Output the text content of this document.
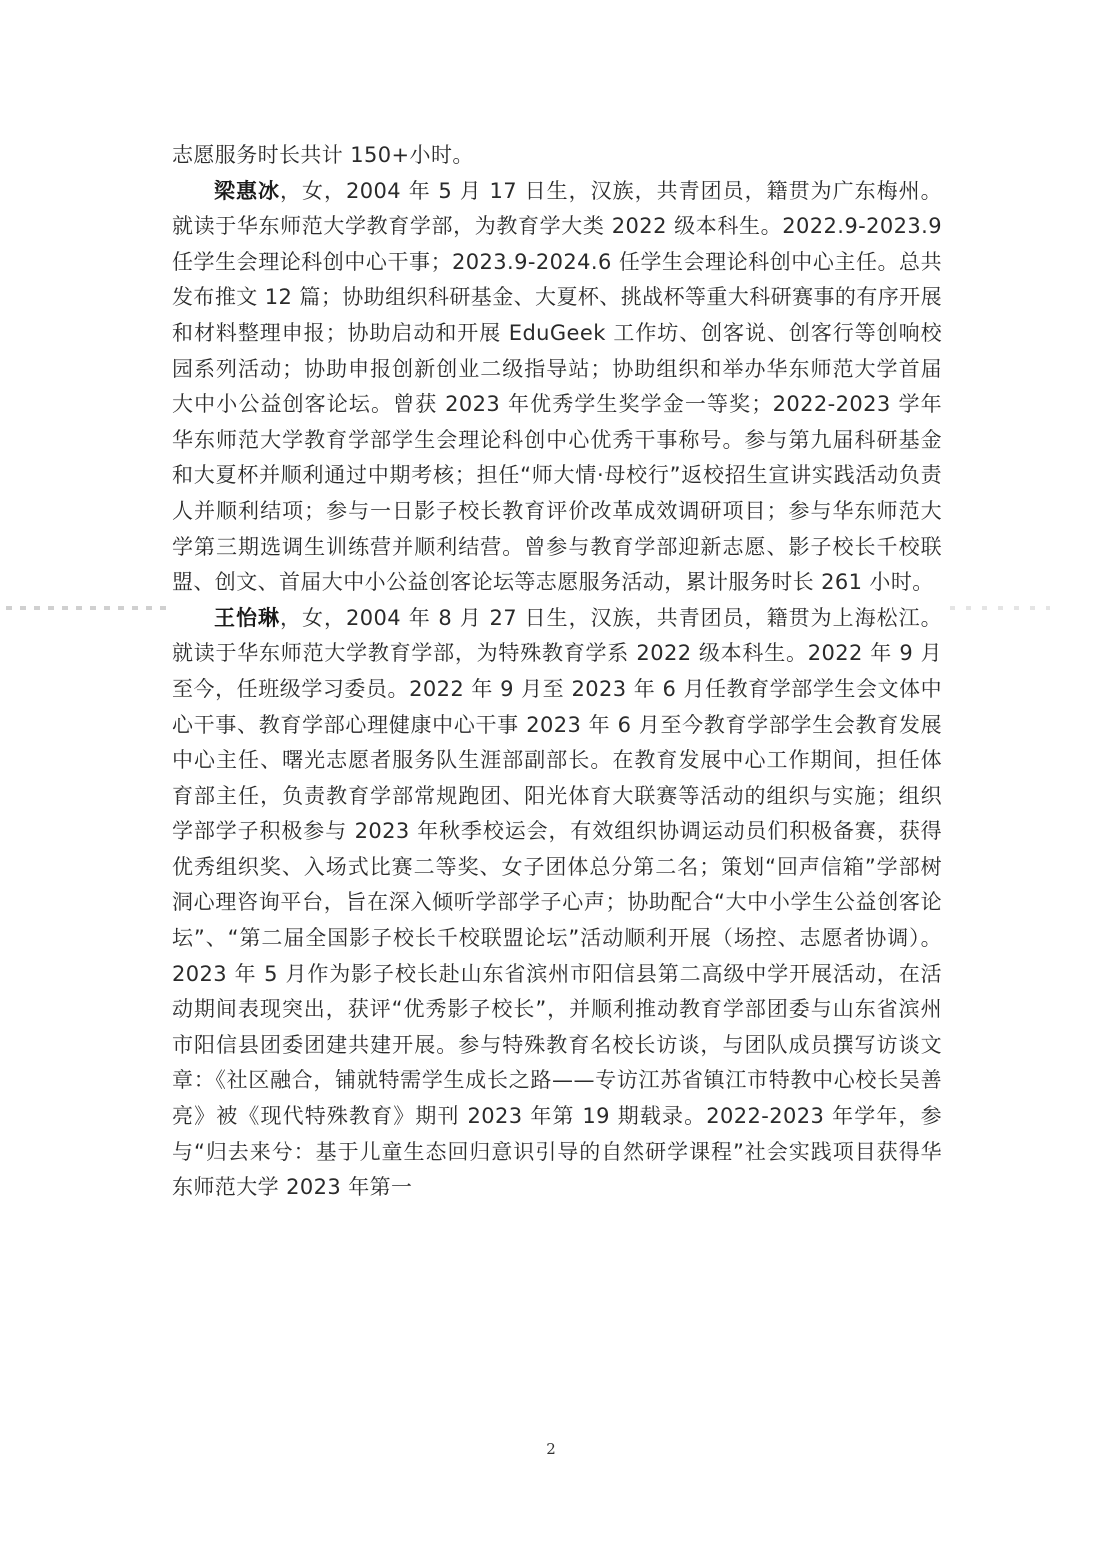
志愿服务时长共计 150+小时。

梁惠冰，女，2004 年 5 月 17 日生，汉族，共青团员，籍贯为广东梅州。就读于华东师范大学教育学部，为教育学大类 2022 级本科生。2022.9-2023.9 任学生会理论科创中心干事；2023.9-2024.6 任学生会理论科创中心主任。总共发布推文 12 篇；协助组织科研基金、大夏杯、挑战杯等重大科研赛事的有序开展和材料整理申报；协助启动和开展 EduGeek 工作坊、创客说、创客行等创响校园系列活动；协助申报创新创业二级指导站；协助组织和举办华东师范大学首届大中小公益创客论坛。曾获 2023 年优秀学生奖学金一等奖；2022-2023 学年华东师范大学教育学部学生会理论科创中心优秀干事称号。参与第九届科研基金和大夏杯并顺利通过中期考核；担任“师大情·母校行”返校招生宣讲实践活动负责人并顺利结项；参与一日影子校长教育评价改革成效调研项目；参与华东师范大学第三期选调生训练营并顺利结营。曾参与教育学部迎新志愿、影子校长千校联盟、创文、首届大中小公益创客论坛等志愿服务活动，累计服务时长 261 小时。

王怡琳，女，2004 年 8 月 27 日生，汉族，共青团员，籍贯为上海松江。就读于华东师范大学教育学部，为特殊教育学系 2022 级本科生。2022 年 9 月至今，任班级学习委员。2022 年 9 月至 2023 年 6 月任教育学部学生会文体中心干事、教育学部心理健康中心干事 2023 年 6 月至今教育学部学生会教育发展中心主任、曙光志愿者服务队生涯部副部长。在教育发展中心工作期间，担任体育部主任，负责教育学部常规跑团、阳光体育大联赛等活动的组织与实施；组织学部学子积极参与 2023 年秋季校运会，有效组织协调运动员们积极备赛，获得优秀组织奖、入场式比赛二等奖、女子团体总分第二名；策划“回声信箱”学部树洞心理咨询平台，旨在深入倾听学部学子心声；协助配合“大中小学生公益创客论坛”、“第二届全国影子校长千校联盟论坛”活动顺利开展（场控、志愿者协调）。2023 年 5 月作为影子校长赴山东省滨州市阳信县第二高级中学开展活动，在活动期间表现突出，获评“优秀影子校长”，并顺利推动教育学部团委与山东省滨州市阳信县团委团建共建开展。参与特殊教育名校长访谈，与团队成员撰写访谈文章：《社区融合，铺就特需学生成长之路——专访江苏省镇江市特教中心校长吴善亮》被《现代特殊教育》期刊 2023 年第 19 期载录。2022-2023 年学年，参与“归去来兮：基于儿童生态回归意识引导的自然研学课程”社会实践项目获得华东师范大学 2023 年第一

2
